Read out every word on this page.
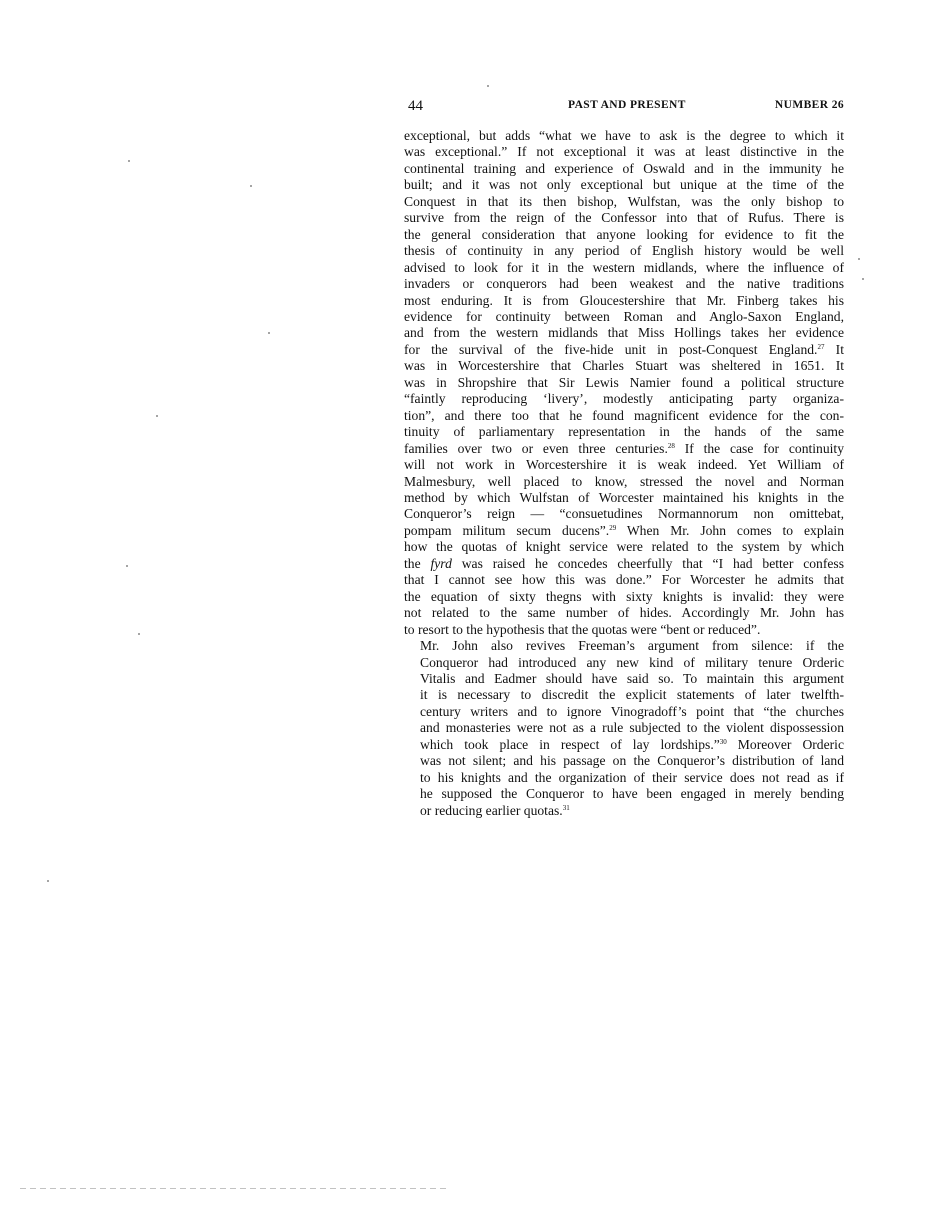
44	PAST AND PRESENT	NUMBER 26

exceptional, but adds “what we have to ask is the degree to which it
was exceptional.” If not exceptional it was at least distinctive in the
continental training and experience of Oswald and in the immunity he
built; and it was not only exceptional but unique at the time of the
Conquest in that its then bishop, Wulfstan, was the only bishop to
survive from the reign of the Confessor into that of Rufus. There is
the general consideration that anyone looking for evidence to fit the
thesis of continuity in any period of English history would be well
advised to look for it in the western midlands, where the influence of
invaders or conquerors had been weakest and the native traditions
most enduring. It is from Gloucestershire that Mr. Finberg takes his
evidence for continuity between Roman and Anglo-Saxon England,
and from the western midlands that Miss Hollings takes her evidence
for the survival of the five-hide unit in post-Conquest England.$^{27}$ It
was in Worcestershire that Charles Stuart was sheltered in 1651. It
was in Shropshire that Sir Lewis Namier found a political structure
“faintly reproducing ‘livery’, modestly anticipating party organiza-
tion”, and there too that he found magnificent evidence for the con-
tinuity of parliamentary representation in the hands of the same
families over two or even three centuries.$^{28}$ If the case for continuity
will not work in Worcestershire it is weak indeed. Yet William of
Malmesbury, well placed to know, stressed the novel and Norman
method by which Wulfstan of Worcester maintained his knights in the
Conqueror’s reign — “consuetudines Normannorum non omittebat,
pompam militum secum ducens”.$^{29}$ When Mr. John comes to explain
how the quotas of knight service were related to the system by which
the fyrd was raised he concedes cheerfully that “I had better confess
that I cannot see how this was done.” For Worcester he admits that
the equation of sixty thegns with sixty knights is invalid: they were
not related to the same number of hides. Accordingly Mr. John has
to resort to the hypothesis that the quotas were “bent or reduced”.

Mr. John also revives Freeman’s argument from silence: if the
Conqueror had introduced any new kind of military tenure Orderic
Vitalis and Eadmer should have said so. To maintain this argument
it is necessary to discredit the explicit statements of later twelfth-
century writers and to ignore Vinogradoff’s point that “the churches
and monasteries were not as a rule subjected to the violent dispossession
which took place in respect of lay lordships.”$^{30}$ Moreover Orderic
was not silent; and his passage on the Conqueror’s distribution of land
to his knights and the organization of their service does not read as if
he supposed the Conqueror to have been engaged in merely bending
or reducing earlier quotas.$^{31}$
